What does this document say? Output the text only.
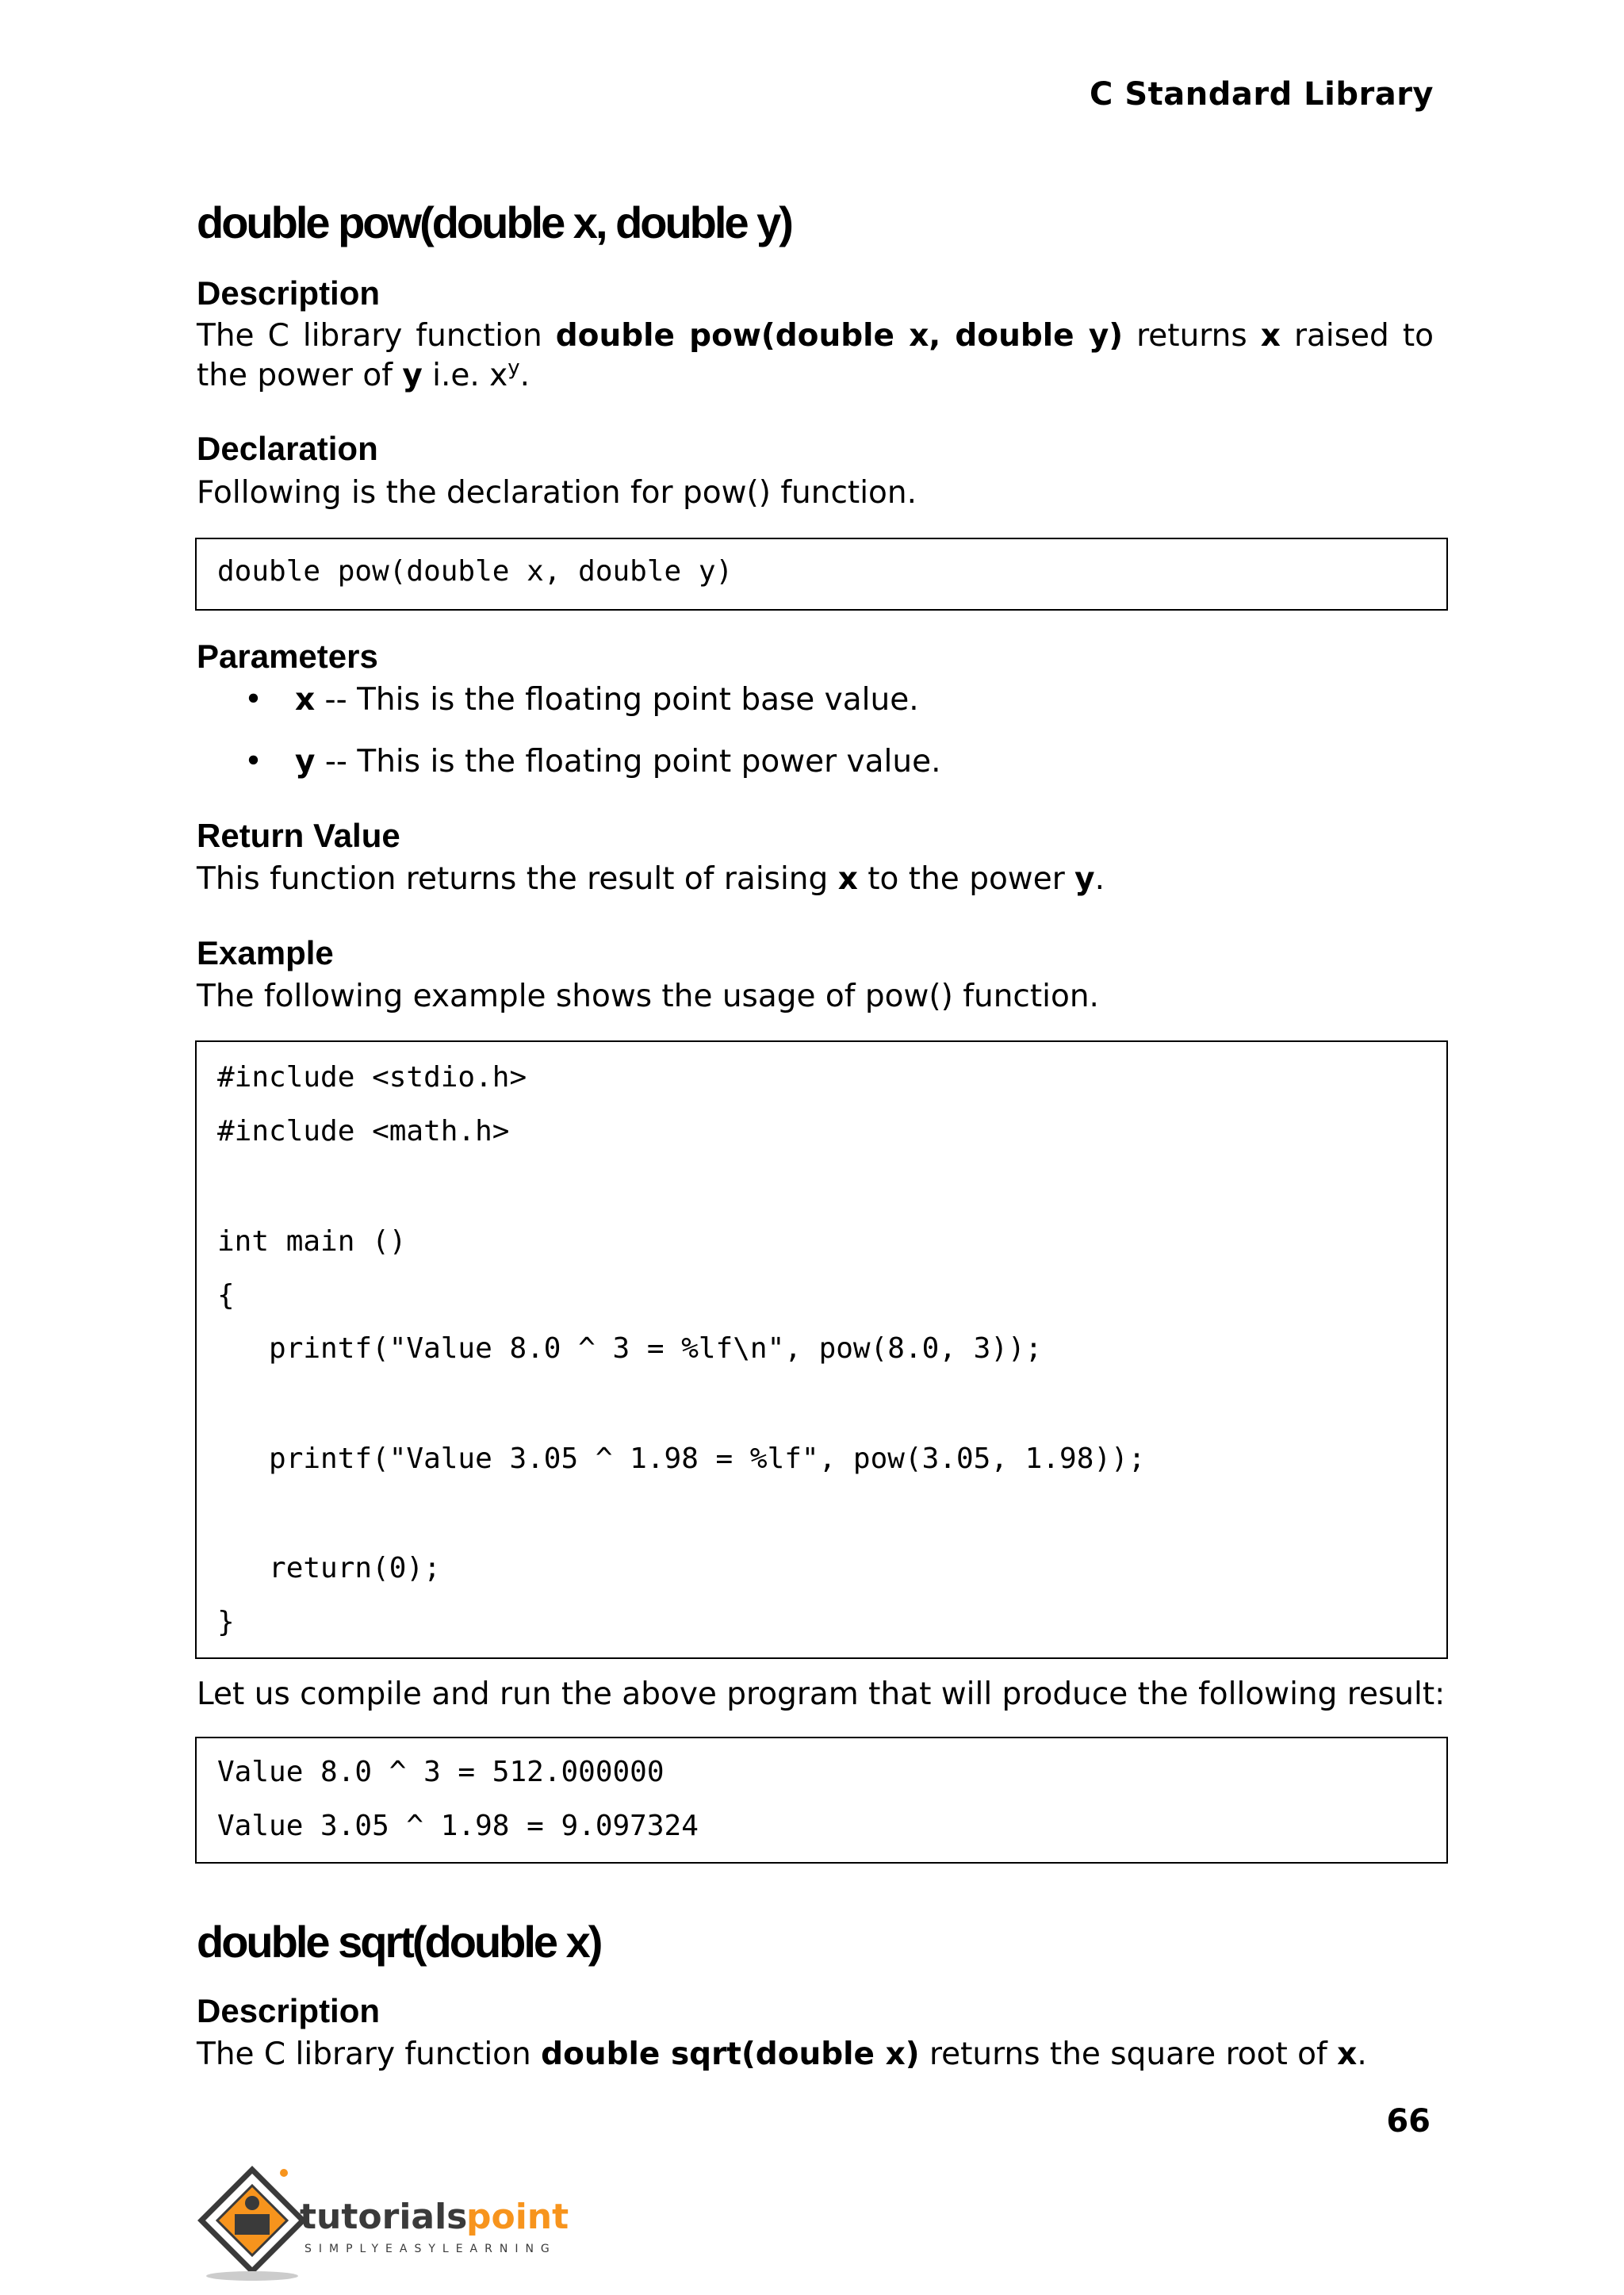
C Standard Library
double pow(double x, double y)
Description
The C library function double pow(double x, double y) returns x raised to the power of y i.e. $x^y$.
Declaration
Following is the declaration for pow() function.
double pow(double x, double y)
Parameters
• x -- This is the floating point base value.
• y -- This is the floating point power value.
Return Value
This function returns the result of raising x to the power y.
Example
The following example shows the usage of pow() function.
#include <stdio.h>
#include <math.h>
int main ()
{
printf("Value 8.0 ^ 3 = %lf\n", pow(8.0, 3));
printf("Value 3.05 ^ 1.98 = %lf", pow(3.05, 1.98));
return(0);
}
Let us compile and run the above program that will produce the following result:
Value 8.0 ^ 3 = 512.000000
Value 3.05 ^ 1.98 = 9.097324
double sqrt(double x)
Description
The C library function double sqrt(double x) returns the square root of x.
66
tutorials
point
SIMPLYEASYLEARNING
